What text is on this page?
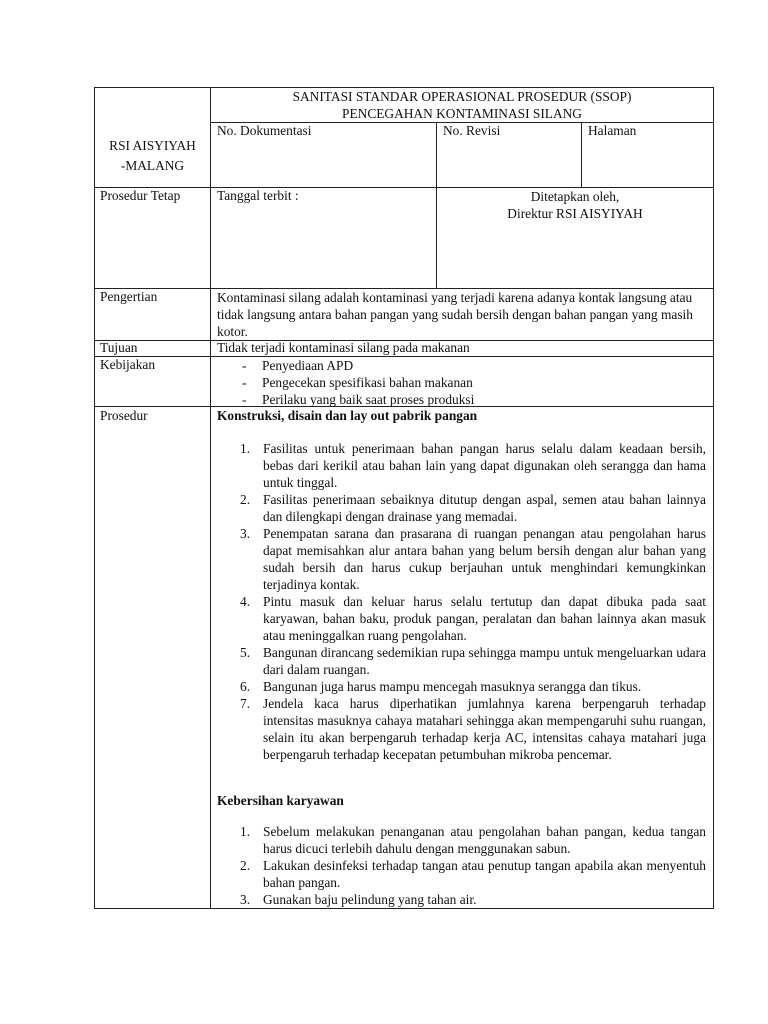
RSI AISYIYAH
-MALANG
SANITASI STANDAR OPERASIONAL PROSEDUR (SSOP)
PENCEGAHAN KONTAMINASI SILANG
No. Dokumentasi	No. Revisi	Halaman
Prosedur Tetap	Tanggal terbit :	Ditetapkan oleh,
Direktur RSI AISYIYAH
Pengertian	Kontaminasi silang adalah kontaminasi yang terjadi karena adanya kontak langsung atau tidak langsung antara bahan pangan yang sudah bersih dengan bahan pangan yang masih kotor.
Tujuan	Tidak terjadi kontaminasi silang pada makanan
Kebijakan	- Penyediaan APD
- Pengecekan spesifikasi bahan makanan
- Perilaku yang baik saat proses produksi
Prosedur	Konstruksi, disain dan lay out pabrik pangan
1. Fasilitas untuk penerimaan bahan pangan harus selalu dalam keadaan bersih, bebas dari kerikil atau bahan lain yang dapat digunakan oleh serangga dan hama untuk tinggal.
2. Fasilitas penerimaan sebaiknya ditutup dengan aspal, semen atau bahan lainnya dan dilengkapi dengan drainase yang memadai.
3. Penempatan sarana dan prasarana di ruangan penangan atau pengolahan harus dapat memisahkan alur antara bahan yang belum bersih dengan alur bahan yang sudah bersih dan harus cukup berjauhan untuk menghindari kemungkinkan terjadinya kontak.
4. Pintu masuk dan keluar harus selalu tertutup dan dapat dibuka pada saat karyawan, bahan baku, produk pangan, peralatan dan bahan lainnya akan masuk atau meninggalkan ruang pengolahan.
5. Bangunan dirancang sedemikian rupa sehingga mampu untuk mengeluarkan udara dari dalam ruangan.
6. Bangunan juga harus mampu mencegah masuknya serangga dan tikus.
7. Jendela kaca harus diperhatikan jumlahnya karena berpengaruh terhadap intensitas masuknya cahaya matahari sehingga akan mempengaruhi suhu ruangan, selain itu akan berpengaruh terhadap kerja AC, intensitas cahaya matahari juga berpengaruh terhadap kecepatan petumbuhan mikroba pencemar.
Kebersihan karyawan
1. Sebelum melakukan penanganan atau pengolahan bahan pangan, kedua tangan harus dicuci terlebih dahulu dengan menggunakan sabun.
2. Lakukan desinfeksi terhadap tangan atau penutup tangan apabila akan menyentuh bahan pangan.
3. Gunakan baju pelindung yang tahan air.
